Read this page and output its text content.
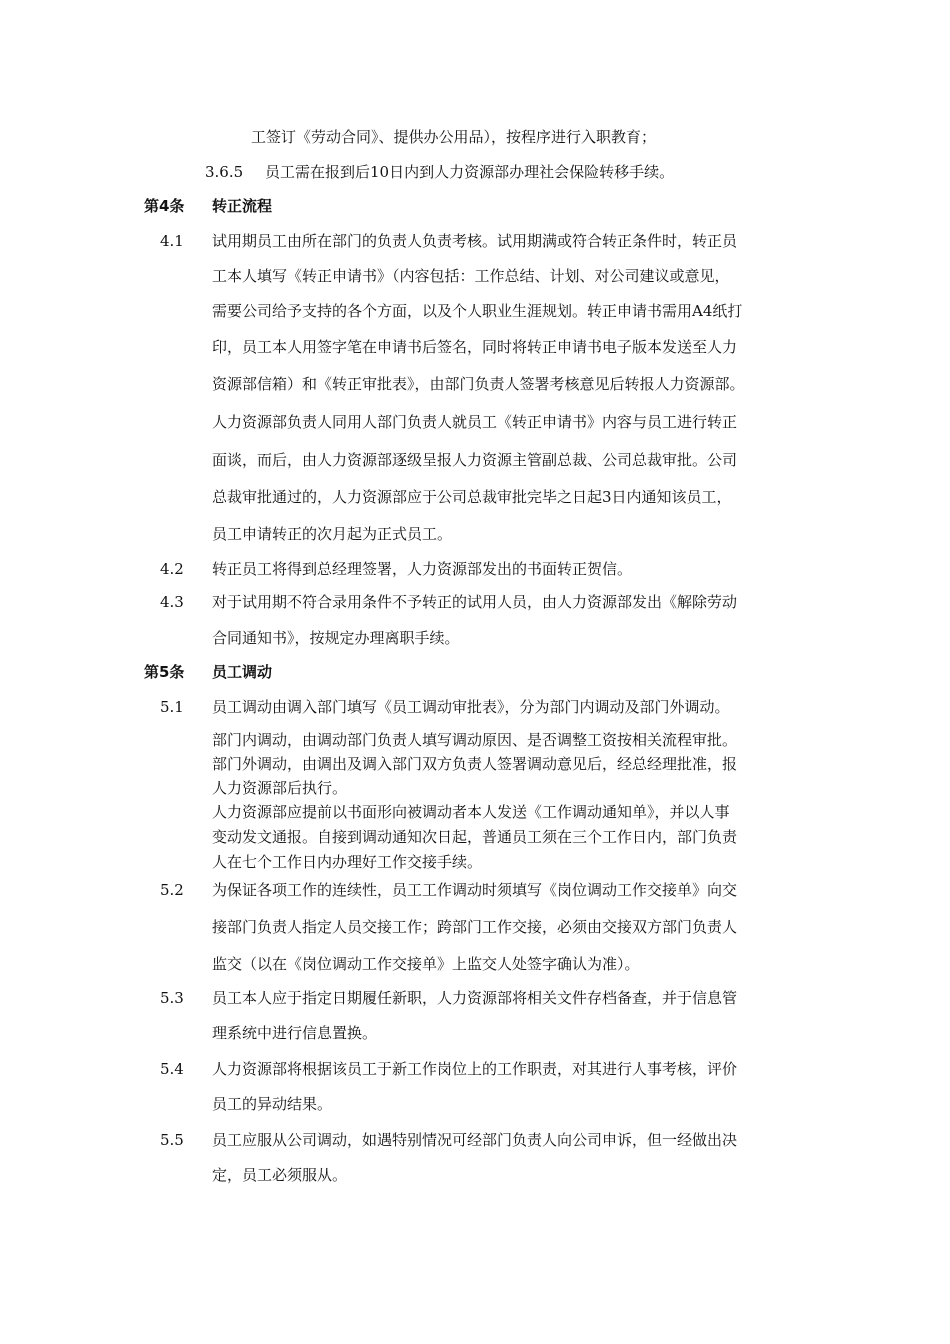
工签订《劳动合同》、提供办公用品），按程序进行入职教育；
3.6.5 员工需在报到后10日内到人力资源部办理社会保险转移手续。
第4条 转正流程
4.1 试用期员工由所在部门的负责人负责考核。试用期满或符合转正条件时，转正员
工本人填写《转正申请书》（内容包括：工作总结、计划、对公司建议或意见，
需要公司给予支持的各个方面，以及个人职业生涯规划。转正申请书需用A4纸打
印，员工本人用签字笔在申请书后签名，同时将转正申请书电子版本发送至人力
资源部信箱）和《转正审批表》，由部门负责人签署考核意见后转报人力资源部。
人力资源部负责人同用人部门负责人就员工《转正申请书》内容与员工进行转正
面谈，而后，由人力资源部逐级呈报人力资源主管副总裁、公司总裁审批。公司
总裁审批通过的，人力资源部应于公司总裁审批完毕之日起3日内通知该员工，
员工申请转正的次月起为正式员工。
4.2 转正员工将得到总经理签署，人力资源部发出的书面转正贺信。
4.3 对于试用期不符合录用条件不予转正的试用人员，由人力资源部发出《解除劳动
合同通知书》，按规定办理离职手续。
第5条 员工调动
5.1 员工调动由调入部门填写《员工调动审批表》，分为部门内调动及部门外调动。
部门内调动，由调动部门负责人填写调动原因、是否调整工资按相关流程审批。
部门外调动，由调出及调入部门双方负责人签署调动意见后，经总经理批准，报
人力资源部后执行。
人力资源部应提前以书面形向被调动者本人发送《工作调动通知单》，并以人事
变动发文通报。自接到调动通知次日起，普通员工须在三个工作日内，部门负责
人在七个工作日内办理好工作交接手续。
5.2 为保证各项工作的连续性，员工工作调动时须填写《岗位调动工作交接单》向交
接部门负责人指定人员交接工作；跨部门工作交接，必须由交接双方部门负责人
监交（以在《岗位调动工作交接单》上监交人处签字确认为准）。
5.3 员工本人应于指定日期履任新职，人力资源部将相关文件存档备查，并于信息管
理系统中进行信息置换。
5.4 人力资源部将根据该员工于新工作岗位上的工作职责，对其进行人事考核，评价
员工的异动结果。
5.5 员工应服从公司调动，如遇特别情况可经部门负责人向公司申诉，但一经做出决
定，员工必须服从。
